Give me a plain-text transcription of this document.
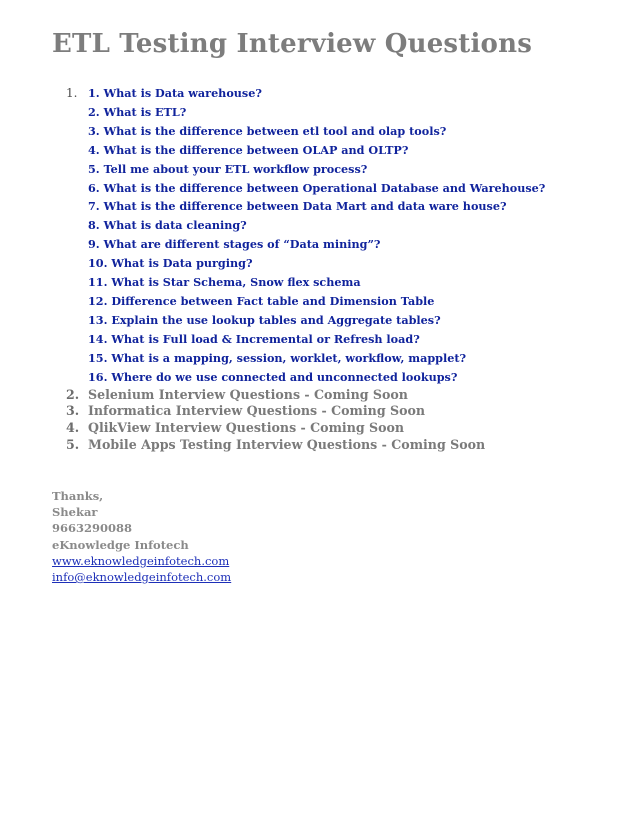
ETL Testing Interview Questions
1. 1. What is Data warehouse?
2. What is ETL?
3. What is the difference between etl tool and olap tools?
4. What is the difference between OLAP and OLTP?
5. Tell me about your ETL workflow process?
6. What is the difference between Operational Database and Warehouse?
7. What is the difference between Data Mart and data ware house?
8. What is data cleaning?
9. What are different stages of “Data mining”?
10. What is Data purging?
11. What is Star Schema, Snow flex schema
12. Difference between Fact table and Dimension Table
13. Explain the use lookup tables and Aggregate tables?
14. What is Full load & Incremental or Refresh load?
15. What is a mapping, session, worklet, workflow, mapplet?
16. Where do we use connected and unconnected lookups?
2. Selenium Interview Questions - Coming Soon
3. Informatica Interview Questions - Coming Soon
4. QlikView Interview Questions - Coming Soon
5. Mobile Apps Testing Interview Questions - Coming Soon
Thanks,
Shekar
9663290088
eKnowledge Infotech
www.eknowledgeinfotech.com
info@eknowledgeinfotech.com
